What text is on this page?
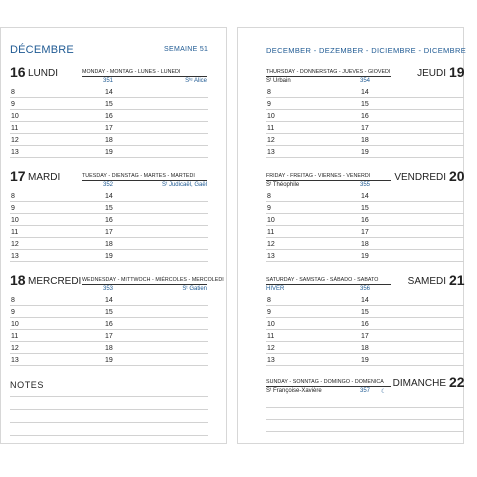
DÉCEMBRE	SEMAINE 51	DECEMBER - DEZEMBER - DICIEMBRE - DICEMBRE
16 LUNDI	MONDAY - MONTAG - LUNES - LUNEDI
351	Sᵗᵉ Alice
8	14
9	15
10	16
11	17
12	18
13	19
17 MARDI	TUESDAY - DIENSTAG - MARTES - MARTEDI
352	Sᵗ Judicaël, Gaël
8	14
9	15
10	16
11	17
12	18
13	19
18 MERCREDI WEDNESDAY - MITTWOCH - MIÉRCOLES - MERCOLEDI
353	Sᵗ Gatien
8	14
9	15
10	16
11	17
12	18
13	19
19
JEUDI
THURSDAY - DONNERSTAG - JUEVES - GIOVEDI
Sᵗ Urbain	354
8	14
9	15
10	16
11	17
12	18
13	19
20
VENDREDI
FRIDAY - FREITAG - VIERNES - VENERDI
Sᵗ Théophile	355
8	14
9	15
10	16
11	17
12	18
13	19
21
SAMEDI
SATURDAY - SAMSTAG - SÁBADO - SABATO
HIVER	356
8	14
9	15
10	16
11	17
12	18
13	19
22
DIMANCHE
SUNDAY - SONNTAG - DOMINGO - DOMENICA
Sᵗ Françoise-Xavière	357 ☾
NOTES
